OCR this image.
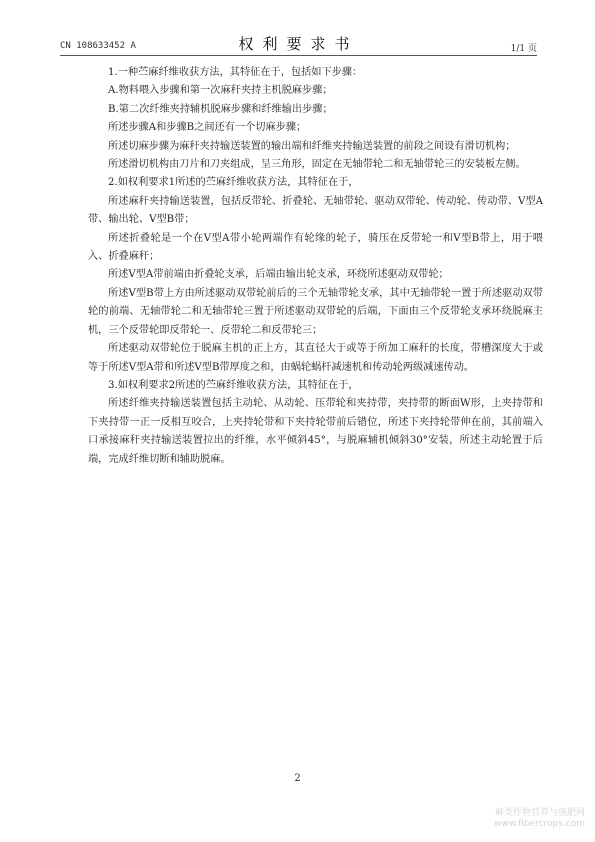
CN 108633452 A	权利要求书	1/1 页

1.一种苎麻纤维收获方法，其特征在于，包括如下步骤：

A.物料喂入步骤和第一次麻秆夹持主机脱麻步骤；

B.第二次纤维夹持辅机脱麻步骤和纤维输出步骤；

所述步骤A和步骤B之间还有一个切麻步骤；

所述切麻步骤为麻秆夹持输送装置的输出端和纤维夹持输送装置的前段之间设有滑切机构；

所述滑切机构由刀片和刀夹组成，呈三角形，固定在无轴带轮二和无轴带轮三的安装板左侧。

2.如权利要求1所述的苎麻纤维收获方法，其特征在于，

所述麻秆夹持输送装置，包括反带轮、折叠轮、无轴带轮、驱动双带轮、传动轮、传动带、V型A带、输出轮、V型B带；

所述折叠轮是一个在V型A带小轮两端作有轮缘的轮子，骑压在反带轮一和V型B带上，用于喂入、折叠麻秆；

所述V型A带前端由折叠轮支承，后端由输出轮支承，环绕所述驱动双带轮；

所述V型B带上方由所述驱动双带轮前后的三个无轴带轮支承，其中无轴带轮一置于所述驱动双带轮的前端、无轴带轮二和无轴带轮三置于所述驱动双带轮的后端，下面由三个反带轮支承环绕脱麻主机，三个反带轮即反带轮一、反带轮二和反带轮三；

所述驱动双带轮位于脱麻主机的正上方，其直径大于或等于所加工麻秆的长度，带槽深度大于或等于所述V型A带和所述V型B带厚度之和，由蜗轮蜗杆减速机和传动轮两级减速传动。

3.如权利要求2所述的苎麻纤维收获方法，其特征在于，

所述纤维夹持输送装置包括主动轮、从动轮、压带轮和夹持带，夹持带的断面W形，上夹持带和下夹持带一正一反相互咬合，上夹持轮带和下夹持轮带前后错位，所述下夹持轮带伸在前，其前端入口承接麻秆夹持输送装置拉出的纤维，水平倾斜45°，与脱麻辅机倾斜30°安装，所述主动轮置于后端，完成纤维切断和辅助脱麻。

2
麻类作物营养与施肥网
www.fibercrops.com
